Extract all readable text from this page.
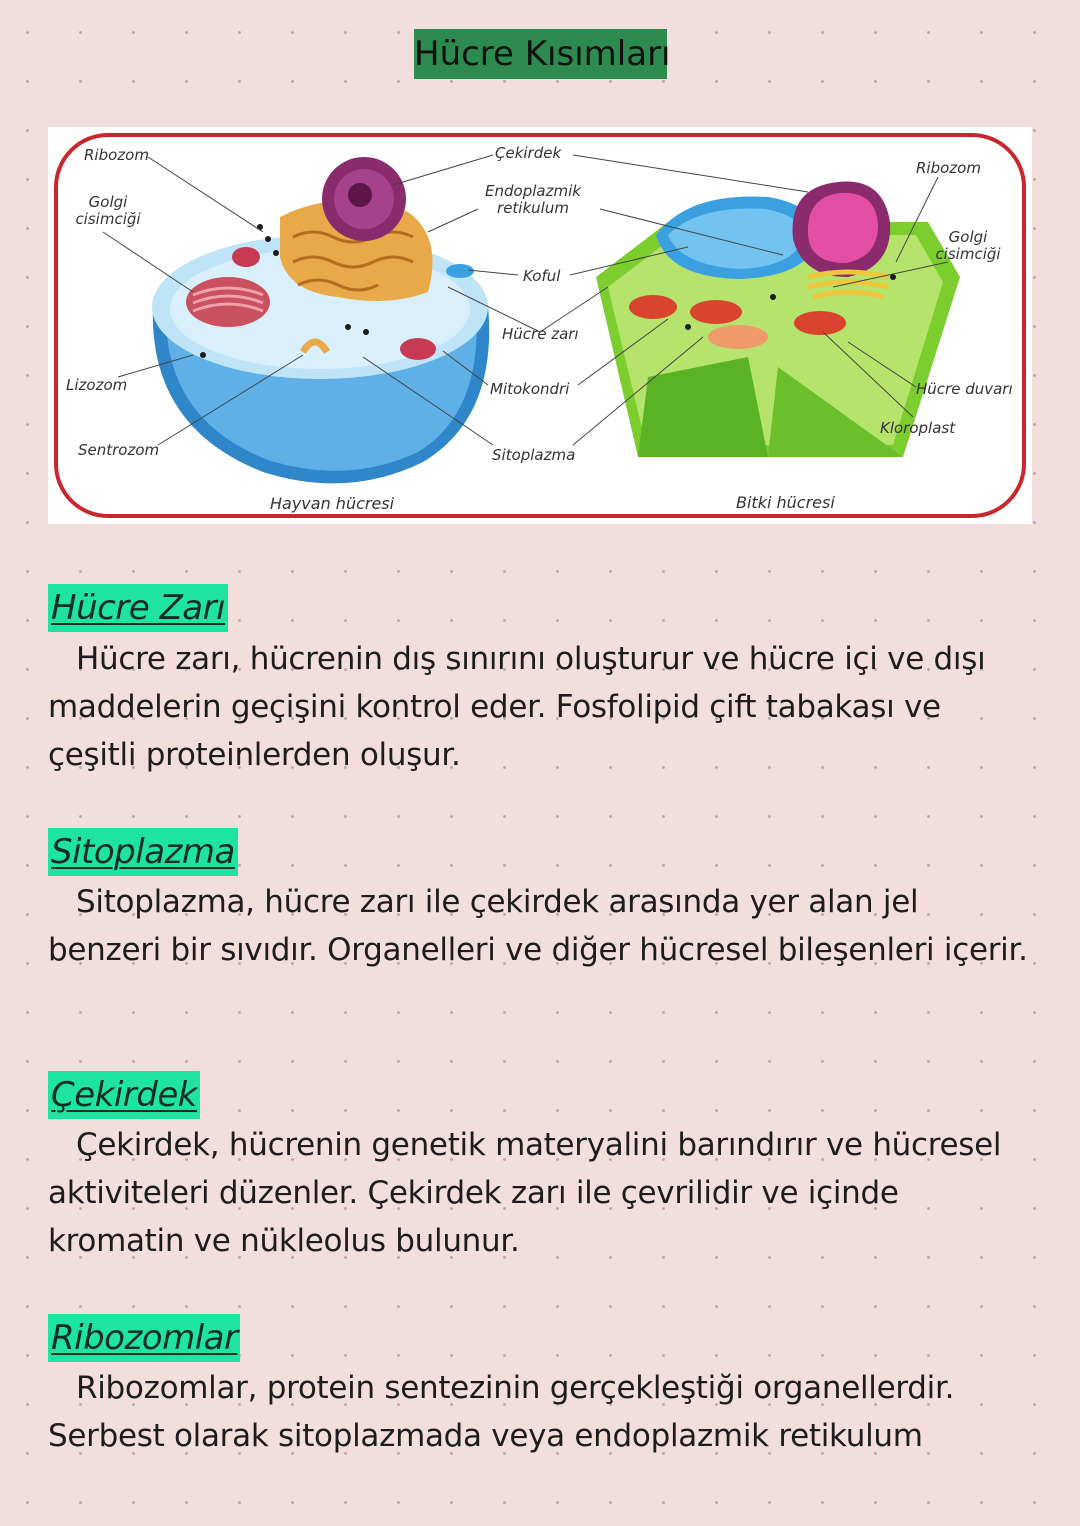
Hücre Kısımları
Ribozom
Golgi cisimciği
Lizozom
Sentrozom
Çekirdek
Endoplazmik retikulum
Koful
Hücre zarı
Mitokondri
Sitoplazma
Ribozom
Golgi cisimciği
Hücre duvarı
Kloroplast
Hayvan hücresi	Bitki hücresi
Hücre Zarı
Hücre zarı, hücrenin dış sınırını oluşturur ve hücre içi ve dışı maddelerin geçişini kontrol eder. Fosfolipid çift tabakası ve çeşitli proteinlerden oluşur.
Sitoplazma
Sitoplazma, hücre zarı ile çekirdek arasında yer alan jel benzeri bir sıvıdır. Organelleri ve diğer hücresel bileşenleri içerir.
Çekirdek
Çekirdek, hücrenin genetik materyalini barındırır ve hücresel aktiviteleri düzenler. Çekirdek zarı ile çevrilidir ve içinde kromatin ve nükleolus bulunur.
Ribozomlar
Ribozomlar, protein sentezinin gerçekleştiği organellerdir. Serbest olarak sitoplazmada veya endoplazmik retikulum
